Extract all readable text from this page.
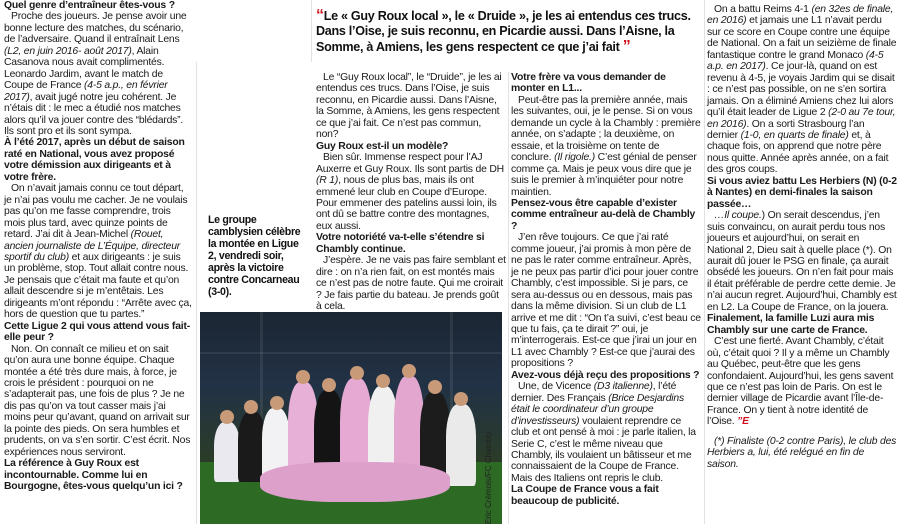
Quel genre d’entraîneur êtes-vous ?

Proche des joueurs. Je pense avoir une bonne lecture des matches, du scénario, de l’adversaire. Quand il entraînait Lens (L2, en juin 2016- août 2017), Alain Casanova nous avait complimentés. Leonardo Jardim, avant le match de Coupe de France (4-5 a.p., en février 2017), avait jugé notre jeu cohérent. Je n’étais dit : le mec a étudié nos matches alors qu’il va jouer contre des “blédards”. Ils sont pro et ils sont sympa.

À l’été 2017, après un début de saison raté en National, vous avez proposé votre démission aux dirigeants et à votre frère.

On n’avait jamais connu ce tout départ, je n’ai pas voulu me cacher. Je ne voulais pas qu’on me fasse comprendre, trois mois plus tard, avec quinze points de retard. J’ai dit à Jean-Michel (Rouet, ancien journaliste de L’Équipe, directeur sportif du club) et aux dirigeants : je suis un problème, stop. Tout allait contre nous. Je pensais que c’était ma faute et qu’on allait descendre si je m’entêtais. Les dirigeants m’ont répondu : “Arrête avec ça, hors de question que tu partes.”

Cette Ligue 2 qui vous attend vous fait-elle peur ?

Non. On connaît ce milieu et on sait qu’on aura une bonne équipe. Chaque montée a été très dure mais, à force, je crois le président : pourquoi on ne s’adapterait pas, une fois de plus ? Je ne dis pas qu’on va tout casser mais j’ai moins peur qu’avant, quand on arrivait sur la pointe des pieds. On sera humbles et prudents, on va s’en sortir. C’est écrit. Nos expériences nous serviront.

La référence à Guy Roux est incontournable. Comme lui en Bourgogne, êtes-vous quelqu’un ici ?

Le groupe camblysien célèbre la montée en Ligue 2, vendredi soir, après la victoire contre Concarneau (3-0).
Eric Crémois/FC Chambly
“Le « Guy Roux local », le « Druide », je les ai entendus ces trucs. Dans l’Oise, je suis reconnu, en Picardie aussi. Dans l’Aisne, la Somme, à Amiens, les gens respectent ce que j’ai fait ”

Le “Guy Roux local”, le “Druide”, je les ai entendus ces trucs. Dans l’Oise, je suis reconnu, en Picardie aussi. Dans l’Aisne, la Somme, à Amiens, les gens respectent ce que j’ai fait. Ce n’est pas commun, non?

Guy Roux est-il un modèle?

Bien sûr. Immense respect pour l’AJ Auxerre et Guy Roux. Ils sont partis de DH (R 1), nous de plus bas, mais ils ont emmené leur club en Coupe d’Europe. Pour emmener des patelins aussi loin, ils ont dû se battre contre des montagnes, eux aussi.

Votre notoriété va-t-elle s’étendre si Chambly continue.

J’espère. Je ne vais pas faire semblant et dire : on n’a rien fait, on est montés mais ce n’est pas de notre faute. Qui me croirait ? Je fais partie du bateau. Je prends goût à cela.

Votre frère va vous demander de monter en L1...

Peut-être pas la première année, mais les suivantes, oui, je le pense. Si on vous demande un cycle à la Chambly : première année, on s’adapte ; la deuxième, on essaie, et la troisième on tente de conclure. (Il rigole.) C’est génial de penser comme ça. Mais je peux vous dire que je suis le premier à m’inquiéter pour notre maintien.

Pensez-vous être capable d’exister comme entraîneur au-delà de Chambly ?

J’en rêve toujours. Ce que j’ai raté comme joueur, j’ai promis à mon père de ne pas le rater comme entraîneur. Après, je ne peux pas partir d’ici pour jouer contre Chambly, c’est impossible. Si je pars, ce sera au-dessus ou en dessous, mais pas dans la même division. Si un club de L1 arrive et me dit : “On t’a suivi, c’est beau ce que tu fais, ça te dirait ?” oui, je m’interrogerais. Est-ce que j’irai un jour en L1 avec Chambly ? Est-ce que j’aurai des propositions ?

Avez-vous déjà reçu des propositions ?

Une, de Vicence (D3 italienne), l’été dernier. Des Français (Brice Desjardins était le coordinateur d’un groupe d’investisseurs) voulaient reprendre ce club et ont pensé à moi : je parle italien, la Serie C, c’est le même niveau que Chambly, ils voulaient un bâtisseur et me connaissaient de la Coupe de France. Mais des Italiens ont repris le club.

La Coupe de France vous a fait beaucoup de publicité.

On a battu Reims 4-1 (en 32es de finale, en 2016) et jamais une L1 n’avait perdu sur ce score en Coupe contre une équipe de National. On a fait un seizième de finale fantastique contre le grand Monaco (4-5 a.p. en 2017). Ce jour-là, quand on est revenu à 4-5, je voyais Jardim qui se disait : ce n’est pas possible, on ne s’en sortira jamais. On a éliminé Amiens chez lui alors qu’il était leader de Ligue 2 (2-0 au 7e tour, en 2016). On a sorti Strasbourg l’an dernier (1-0, en quarts de finale) et, à chaque fois, on apprend que notre père nous quitte. Année après année, on a fait des gros coups.

Si vous aviez battu Les Herbiers (N) (0-2 à Nantes) en demi-finales la saison passée…

…Il coupe.) On serait descendus, j’en suis convaincu, on aurait perdu tous nos joueurs et aujourd’hui, on serait en National 2, Dieu sait à quelle place (*). On aurait dû jouer le PSG en finale, ça aurait obsédé les joueurs. On n’en fait pour mais il était préférable de perdre cette demie. Je n’ai aucun regret. Aujourd’hui, Chambly est en L2. La Coupe de France, on la jouera.

Finalement, la famille Luzi aura mis Chambly sur une carte de France.

C’est une fierté. Avant Chambly, c’était où, c’était quoi ? Il y a même un Chambly au Québec, peut-être que les gens confondaient. Aujourd’hui, les gens savent que ce n’est pas loin de Paris. On est le dernier village de Picardie avant l’Île-de-France. On y tient à notre identité de l’Oise. ”E

(*) Finaliste (0-2 contre Paris), le club des Herbiers a, lui, été relégué en fin de saison.
